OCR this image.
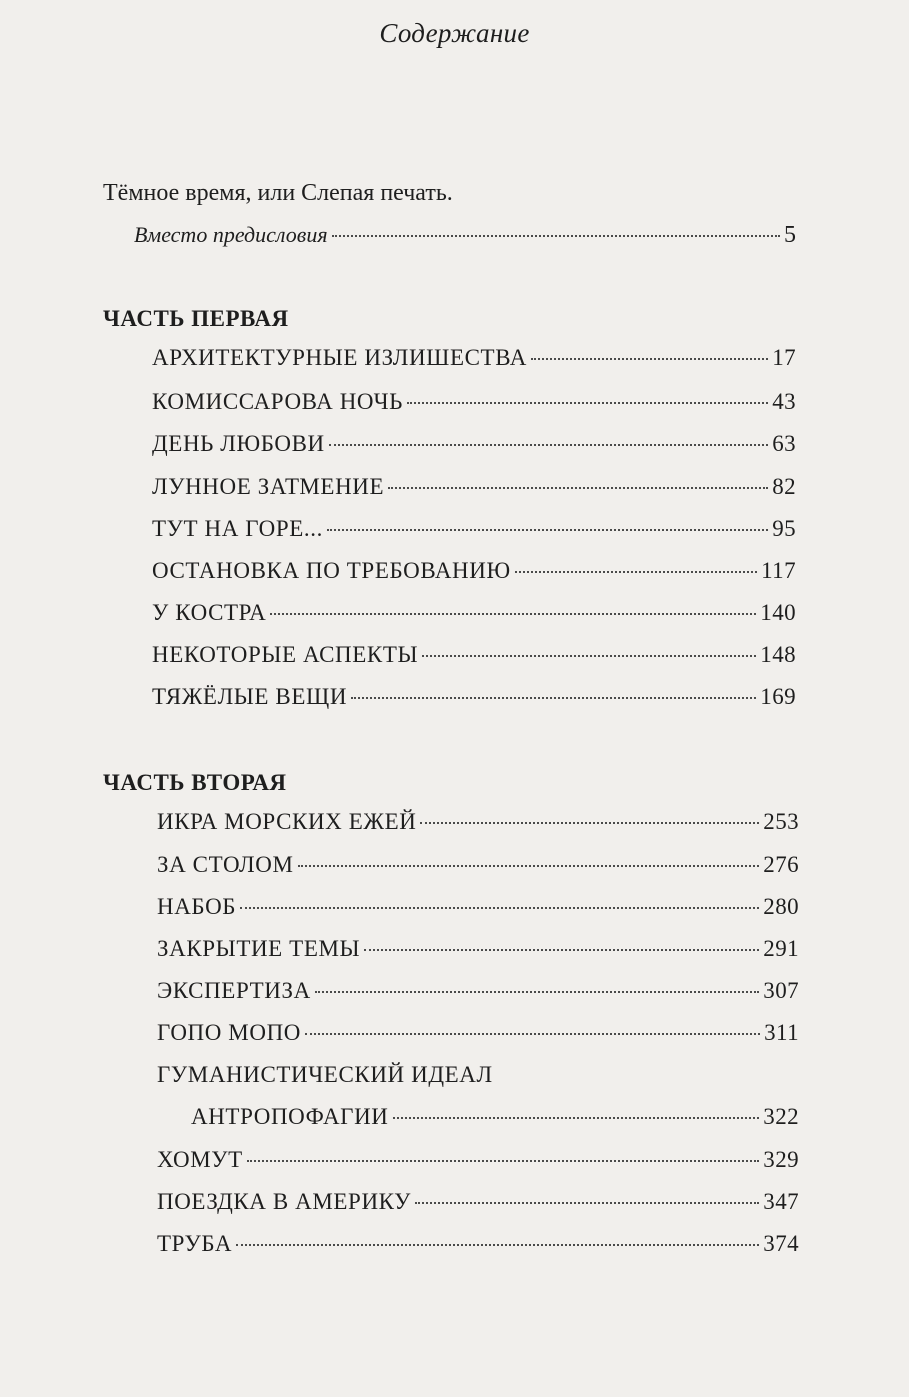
Содержание
Тёмное время, или Слепая печать.
Вместо предисловия	5
ЧАСТЬ ПЕРВАЯ
АРХИТЕКТУРНЫЕ ИЗЛИШЕСТВА	17
КОМИССАРОВА НОЧЬ	43
ДЕНЬ ЛЮБОВИ	63
ЛУННОЕ ЗАТМЕНИЕ	82
ТУТ НА ГОРЕ...	95
ОСТАНОВКА ПО ТРЕБОВАНИЮ	117
У КОСТРА	140
НЕКОТОРЫЕ АСПЕКТЫ	148
ТЯЖЁЛЫЕ ВЕЩИ	169
ЧАСТЬ ВТОРАЯ
ИКРА МОРСКИХ ЕЖЕЙ	253
ЗА СТОЛОМ	276
НАБОБ	280
ЗАКРЫТИЕ ТЕМЫ	291
ЭКСПЕРТИЗА	307
ГОПО МОПО	311
ГУМАНИСТИЧЕСКИЙ ИДЕАЛ
АНТРОПОФАГИИ	322
ХОМУТ	329
ПОЕЗДКА В АМЕРИКУ	347
ТРУБА	374
